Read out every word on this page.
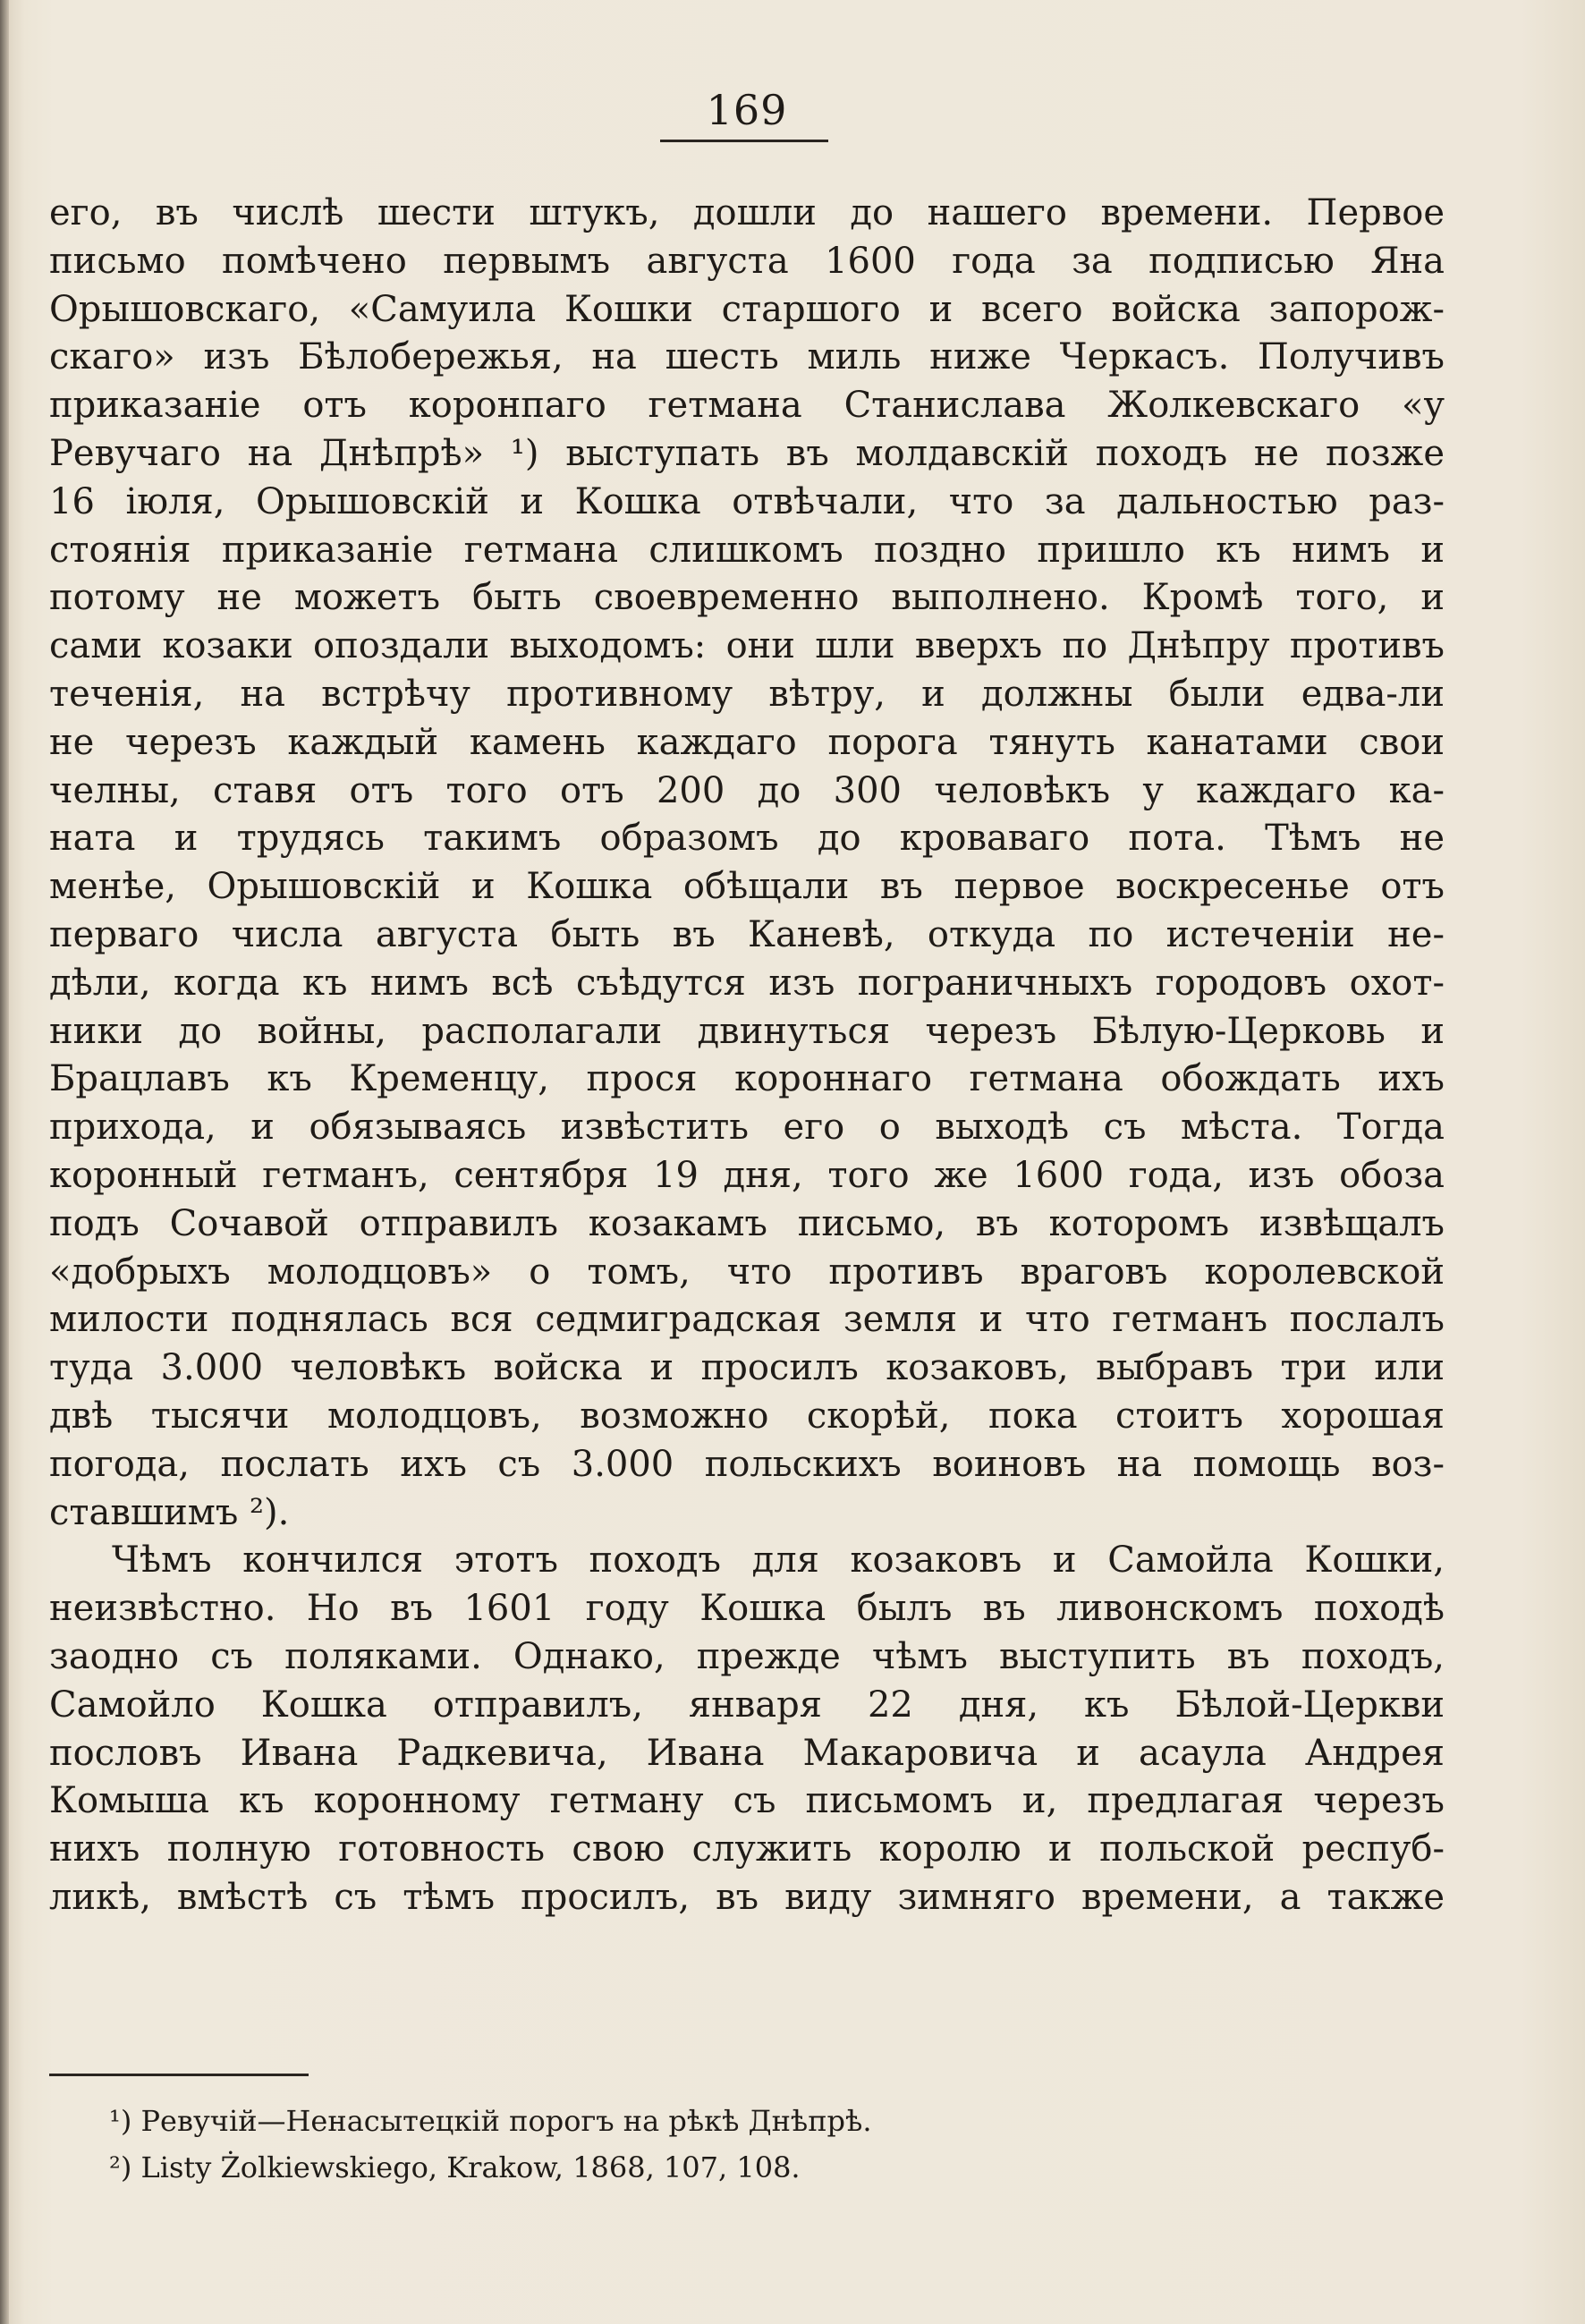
169
его, въ числѣ шести штукъ, дошли до нашего времени. Первое
письмо помѣчено первымъ августа 1600 года за подписью Яна
Орышовскаго, «Самуила Кошки старшого и всего войска запорож-
скаго» изъ Бѣлобережья, на шесть миль ниже Черкасъ. Получивъ
приказаніе отъ коронпаго гетмана Станислава Жолкевскаго «у
Ревучаго на Днѣпрѣ» ¹) выступать въ молдавскій походъ не позже
16 іюля, Орышовскій и Кошка отвѣчали, что за дальностью раз-
стоянія приказаніе гетмана слишкомъ поздно пришло къ нимъ и
потому не можетъ быть своевременно выполнено. Кромѣ того, и
сами козаки опоздали выходомъ: они шли вверхъ по Днѣпру противъ
теченія, на встрѣчу противному вѣтру, и должны были едва-ли
не черезъ каждый камень каждаго порога тянуть канатами свои
челны, ставя отъ того отъ 200 до 300 человѣкъ у каждаго ка-
ната и трудясь такимъ образомъ до кроваваго пота. Тѣмъ не
менѣе, Орышовскій и Кошка обѣщали въ первое воскресенье отъ
перваго числа августа быть въ Каневѣ, откуда по истеченіи не-
дѣли, когда къ нимъ всѣ съѣдутся изъ пограничныхъ городовъ охот-
ники до войны, располагали двинуться черезъ Бѣлую-Церковь и
Брацлавъ къ Кременцу, прося короннаго гетмана обождать ихъ
прихода, и обязываясь извѣстить его о выходѣ съ мѣста. Тогда
коронный гетманъ, сентября 19 дня, того же 1600 года, изъ обоза
подъ Сочавой отправилъ козакамъ письмо, въ которомъ извѣщалъ
«добрыхъ молодцовъ» о томъ, что противъ враговъ королевской
милости поднялась вся седмиградская земля и что гетманъ послалъ
туда 3.000 человѣкъ войска и просилъ козаковъ, выбравъ три или
двѣ тысячи молодцовъ, возможно скорѣй, пока стоитъ хорошая
погода, послать ихъ съ 3.000 польскихъ воиновъ на помощь воз-
ставшимъ ²).
Чѣмъ кончился этотъ походъ для козаковъ и Самойла Кошки,
неизвѣстно. Но въ 1601 году Кошка былъ въ ливонскомъ походѣ
заодно съ поляками. Однако, прежде чѣмъ выступить въ походъ,
Самойло Кошка отправилъ, января 22 дня, къ Бѣлой-Церкви
пословъ Ивана Радкевича, Ивана Макаровича и асаула Андрея
Комыша къ коронному гетману съ письмомъ и, предлагая черезъ
нихъ полную готовность свою служить королю и польской респуб-
ликѣ, вмѣстѣ съ тѣмъ просилъ, въ виду зимняго времени, а также
¹) Ревучій—Ненасытецкій порогъ на рѣкѣ Днѣпрѣ.
²) Listy Żolkiewskiego, Krakow, 1868, 107, 108.
